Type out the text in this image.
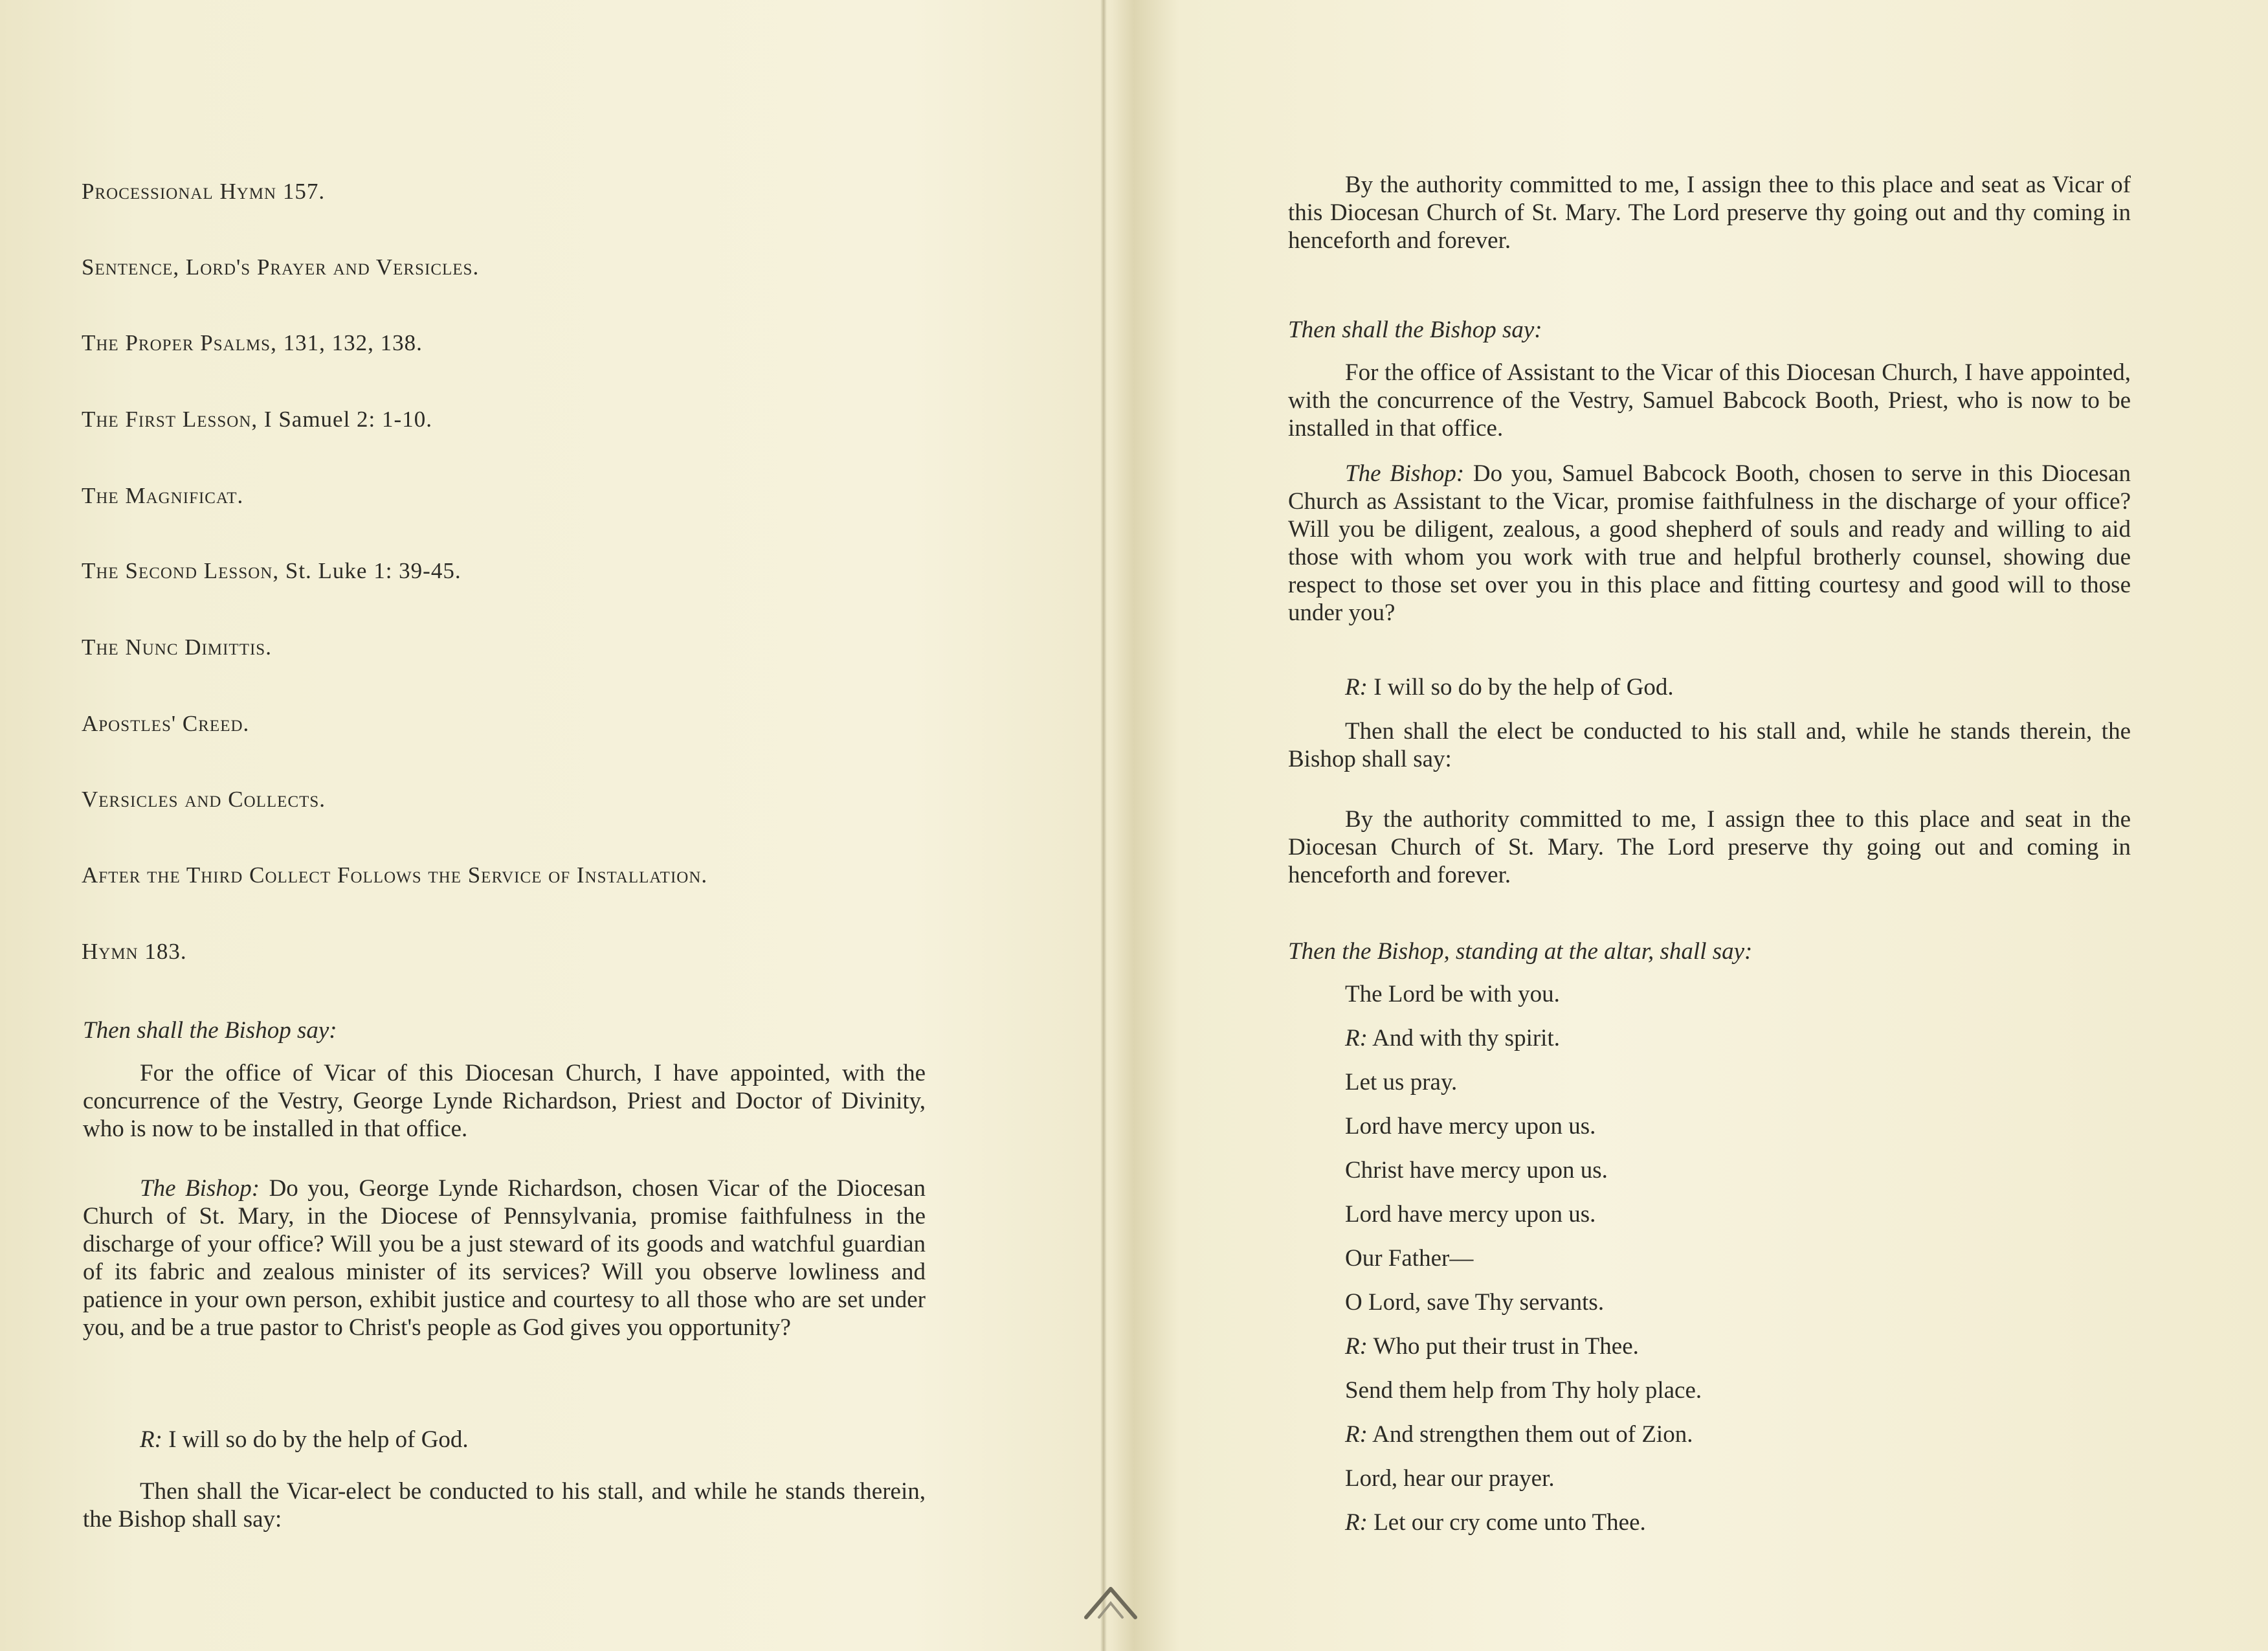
Processional Hymn 157.
Sentence, Lord's Prayer and Versicles.
The Proper Psalms, 131, 132, 138.
The First Lesson, I Samuel 2: 1-10.
The Magnificat.
The Second Lesson, St. Luke 1: 39-45.
The Nunc Dimittis.
Apostles' Creed.
Versicles and Collects.
After the Third Collect Follows the Service of Installation.
Hymn 183.

Then shall the Bishop say:

For the office of Vicar of this Diocesan Church, I have appointed, with the concurrence of the Vestry, George Lynde Richardson, Priest and Doctor of Divinity, who is now to be installed in that office.

The Bishop: Do you, George Lynde Richardson, chosen Vicar of the Diocesan Church of St. Mary, in the Diocese of Pennsylvania, promise faithfulness in the discharge of your office? Will you be a just steward of its goods and watchful guardian of its fabric and zealous minister of its services? Will you observe lowliness and patience in your own person, exhibit justice and courtesy to all those who are set under you, and be a true pastor to Christ's people as God gives you opportunity?

R: I will so do by the help of God.

Then shall the Vicar-elect be conducted to his stall, and while he stands therein, the Bishop shall say:

By the authority committed to me, I assign thee to this place and seat as Vicar of this Diocesan Church of St. Mary. The Lord preserve thy going out and thy coming in henceforth and forever.

Then shall the Bishop say:

For the office of Assistant to the Vicar of this Diocesan Church, I have appointed, with the concurrence of the Vestry, Samuel Babcock Booth, Priest, who is now to be installed in that office.

The Bishop: Do you, Samuel Babcock Booth, chosen to serve in this Diocesan Church as Assistant to the Vicar, promise faithfulness in the discharge of your office? Will you be diligent, zealous, a good shepherd of souls and ready and willing to aid those with whom you work with true and helpful brotherly counsel, showing due respect to those set over you in this place and fitting courtesy and good will to those under you?

R: I will so do by the help of God.

Then shall the elect be conducted to his stall and, while he stands therein, the Bishop shall say:

By the authority committed to me, I assign thee to this place and seat in the Diocesan Church of St. Mary. The Lord preserve thy going out and coming in henceforth and forever.

Then the Bishop, standing at the altar, shall say:

The Lord be with you.

R: And with thy spirit.

Let us pray.

Lord have mercy upon us.

Christ have mercy upon us.

Lord have mercy upon us.

Our Father—

O Lord, save Thy servants.

R: Who put their trust in Thee.

Send them help from Thy holy place.

R: And strengthen them out of Zion.

Lord, hear our prayer.

R: Let our cry come unto Thee.
